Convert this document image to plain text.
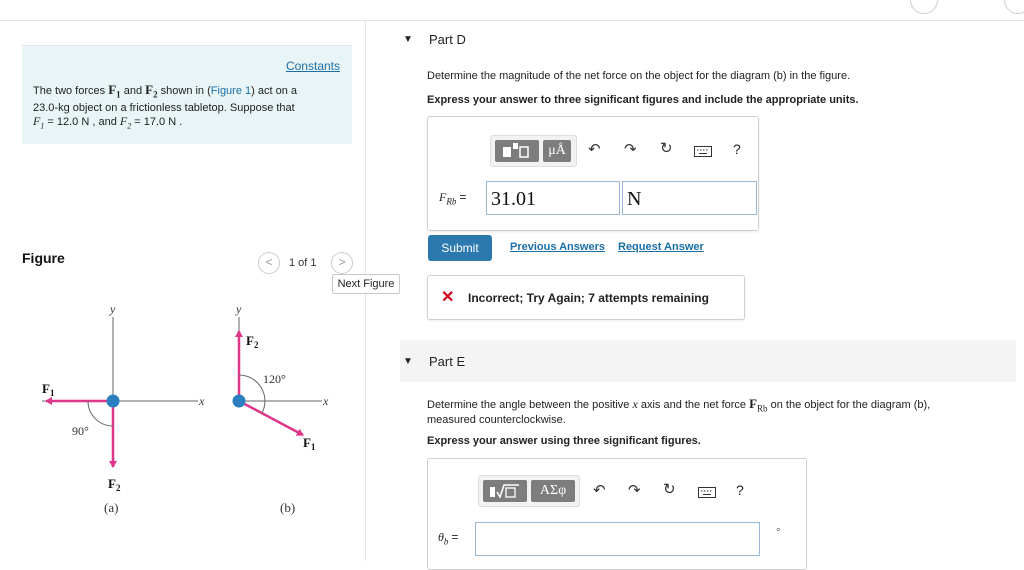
Constants
The two forces $F_1$ and $F_2$ shown in (Figure 1) act on a
23.0-kg object on a frictionless tabletop. Suppose that
$F_1 = 12.0$ N , and $F_2 = 17.0$ N .
Figure	<	1 of 1	>
Next Figure
y
x
$F_1$
$F_2$
90°
(a)
y
x
$F_2$
$F_1$
120°
(b)
▼ Part D
Determine the magnitude of the net force on the object for the diagram (b) in the figure.
Express your answer to three significant figures and include the appropriate units.
μÅ	↶ ↷ ↻	?
$F_{Rb} = 31.01$	N
Submit	Previous Answers Request Answer
✕ Incorrect; Try Again; 7 attempts remaining
▼ Part E
Determine the angle between the positive x axis and the net force $F_{Rb}$ on the object for the diagram (b),
measured counterclockwise.
Express your answer using three significant figures.
ΑΣφ	↶ ↷ ↻	?
$\theta_b$ =	°
